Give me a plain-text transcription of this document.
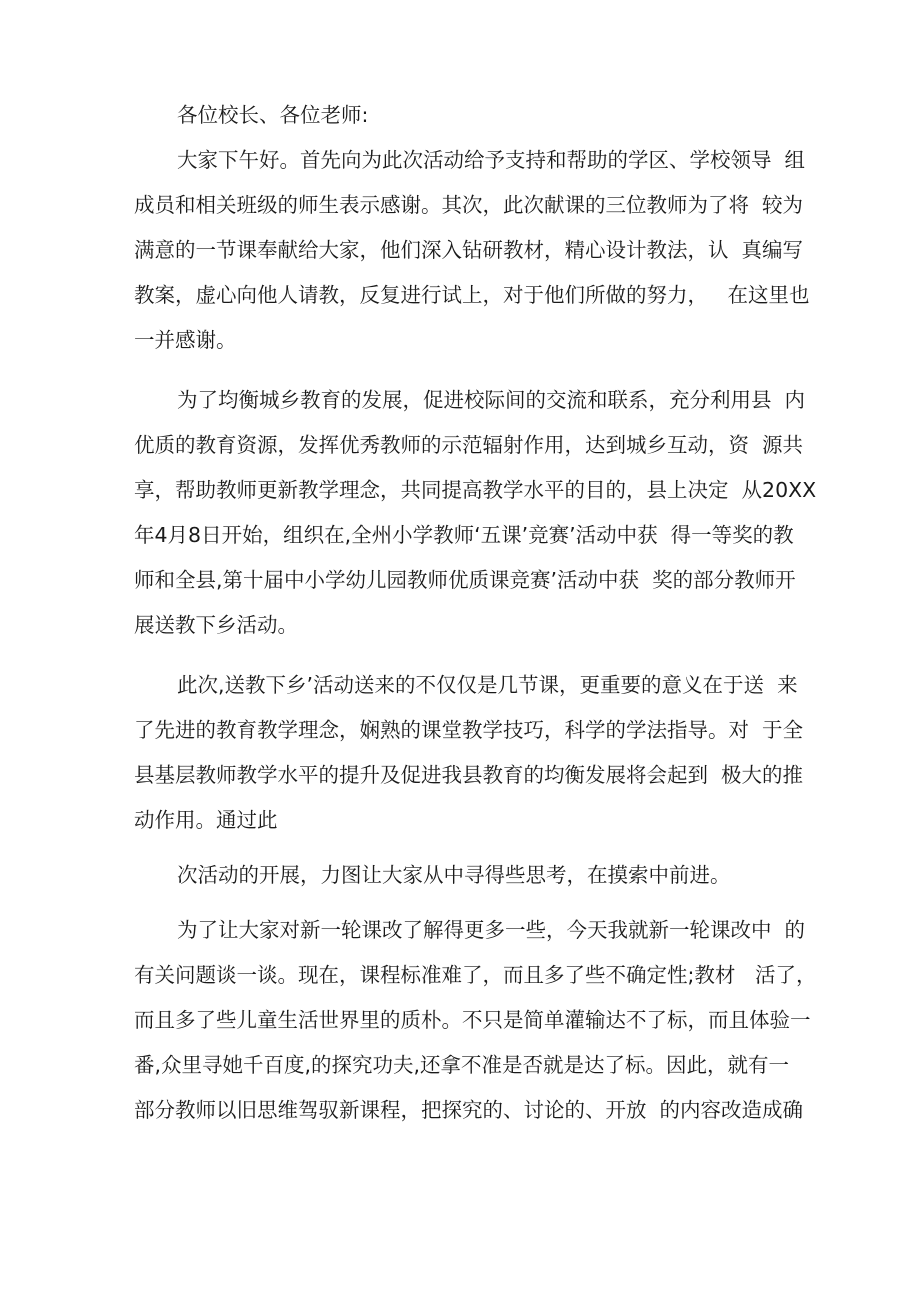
各位校长、各位老师:
大家下午好。首先向为此次活动给予支持和帮助的学区、学校领导  组
成员和相关班级的师生表示感谢。其次，此次献课的三位教师为了将  较为
满意的一节课奉献给大家，他们深入钻研教材，精心设计教法，认  真编写
教案，虚心向他人请教，反复进行试上，对于他们所做的努力，   在这里也
一并感谢。
为了均衡城乡教育的发展，促进校际间的交流和联系，充分利用县  内
优质的教育资源，发挥优秀教师的示范辐射作用，达到城乡互动，资  源共
享，帮助教师更新教学理念，共同提高教学水平的目的，县上决定  从20XX
年4月8日开始，组织在,全州小学教师‘五课’竞赛’活动中获  得一等奖的教
师和全县,第十届中小学幼儿园教师优质课竞赛’活动中获  奖的部分教师开
展送教下乡活动。
此次,送教下乡’活动送来的不仅仅是几节课，更重要的意义在于送  来
了先进的教育教学理念，娴熟的课堂教学技巧，科学的学法指导。对  于全
县基层教师教学水平的提升及促进我县教育的均衡发展将会起到  极大的推
动作用。通过此
次活动的开展，力图让大家从中寻得些思考，在摸索中前进。
为了让大家对新一轮课改了解得更多一些，今天我就新一轮课改中  的
有关问题谈一谈。现在，课程标准难了，而且多了些不确定性;教材   活了，
而且多了些儿童生活世界里的质朴。不只是简单灌输达不了标，而且体验一
番,众里寻她千百度,的探究功夫,还拿不准是否就是达了标。因此，就有一
部分教师以旧思维驾驭新课程，把探究的、讨论的、开放  的内容改造成确
